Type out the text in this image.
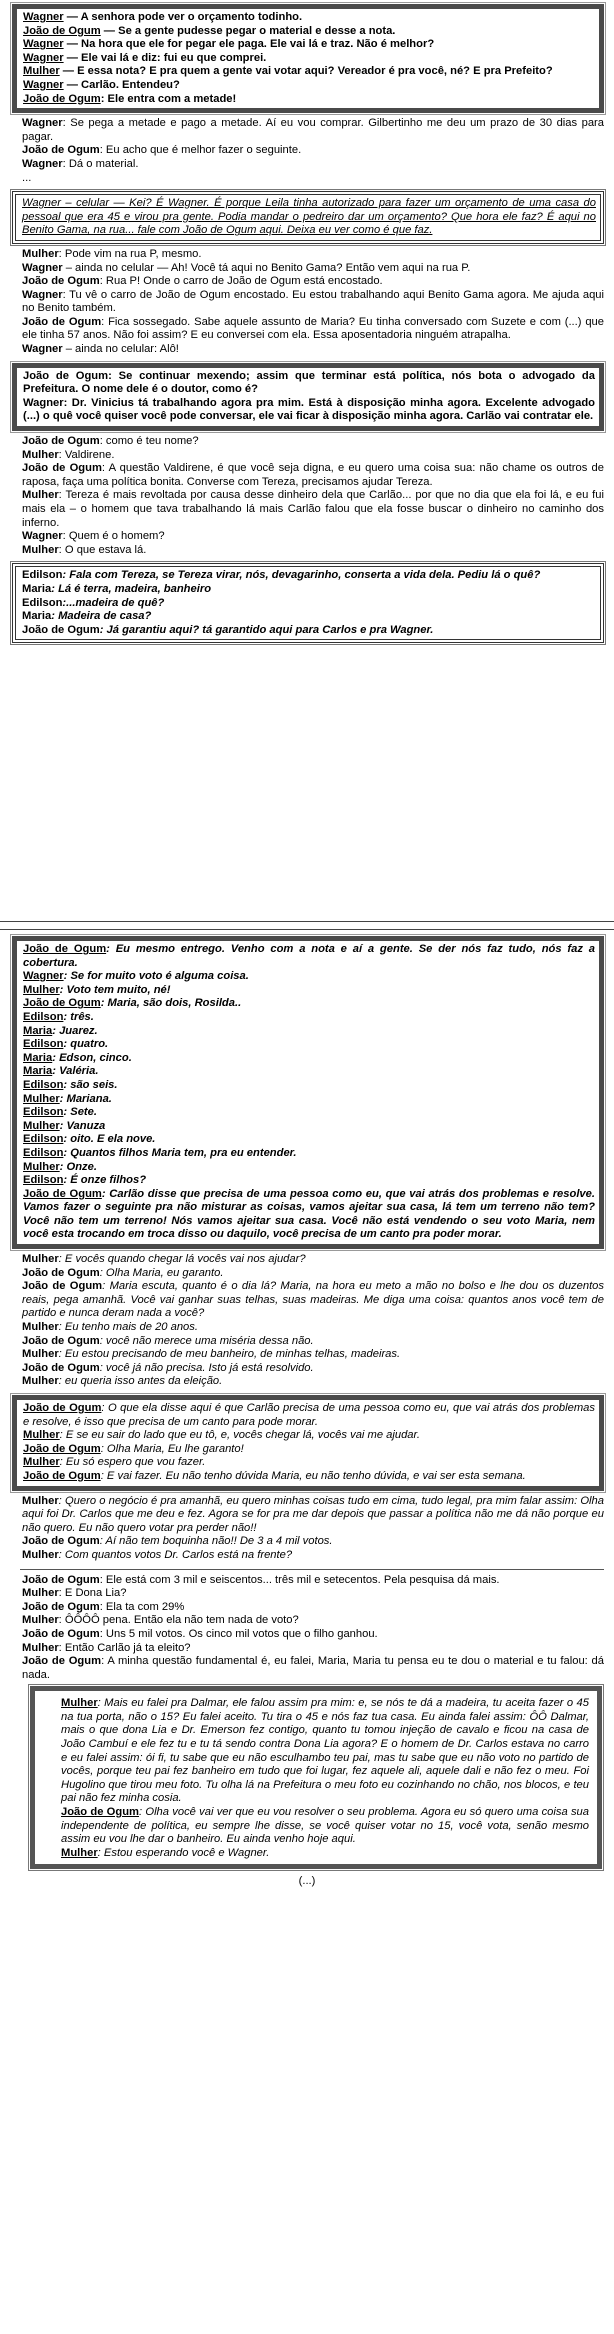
Wagner — A senhora pode ver o orçamento todinho.
João de Ogum — Se a gente pudesse pegar o material e desse a nota.
Wagner — Na hora que ele for pegar ele paga. Ele vai lá e traz. Não é melhor?
Wagner — Ele vai lá e diz: fui eu que comprei.
Mulher — E essa nota? E pra quem a gente vai votar aqui? Vereador é pra você, né? E pra Prefeito?
Wagner — Carlão. Entendeu?
João de Ogum: Ele entra com a metade!
Wagner: Se pega a metade e pago a metade. Aí eu vou comprar. Gilbertinho me deu um prazo de 30 dias para pagar.
João de Ogum: Eu acho que é melhor fazer o seguinte.
Wagner: Dá o material.
...
Wagner – celular — Kei? É Wagner. É porque Leila tinha autorizado para fazer um orçamento de uma casa do pessoal que era 45 e virou pra gente. Podia mandar o pedreiro dar um orçamento? Que hora ele faz? É aqui no Benito Gama, na rua... fale com João de Ogum aqui. Deixa eu ver como é que faz.
Mulher: Pode vim na rua P, mesmo.
Wagner – ainda no celular — Ah! Você tá aqui no Benito Gama? Então vem aqui na rua P.
João de Ogum: Rua P! Onde o carro de João de Ogum está encostado.
Wagner: Tu vê o carro de João de Ogum encostado. Eu estou trabalhando aqui Benito Gama agora. Me ajuda aqui no Benito também.
João de Ogum: Fica sossegado. Sabe aquele assunto de Maria? Eu tinha conversado com Suzete e com (...) que ele tinha 57 anos. Não foi assim? E eu conversei com ela. Essa aposentadoria ninguém atrapalha.
Wagner – ainda no celular: Alô!
João de Ogum: Se continuar mexendo; assim que terminar está política, nós bota o advogado da Prefeitura. O nome dele é o doutor, como é?
Wagner: Dr. Vinicius tá trabalhando agora pra mim. Está à disposição minha agora. Excelente advogado (...) o quê você quiser você pode conversar, ele vai ficar à disposição minha agora. Carlão vai contratar ele.
João de Ogum: como é teu nome?
Mulher: Valdirene.
João de Ogum: A questão Valdirene, é que você seja digna, e eu quero uma coisa sua: não chame os outros de raposa, faça uma política bonita. Converse com Tereza, precisamos ajudar Tereza.
Mulher: Tereza é mais revoltada por causa desse dinheiro dela que Carlão... por que no dia que ela foi lá, e eu fui mais ela – o homem que tava trabalhando lá mais Carlão falou que ela fosse buscar o dinheiro no caminho dos inferno.
Wagner: Quem é o homem?
Mulher: O que estava lá.
Edilson: Fala com Tereza, se Tereza virar, nós, devagarinho, conserta a vida dela. Pediu lá o quê?
Maria: Lá é terra, madeira, banheiro
Edilson:...madeira de quê?
Maria: Madeira de casa?
João de Ogum: Já garantiu aqui? tá garantido aqui para Carlos e pra Wagner.
João de Ogum: Eu mesmo entrego. Venho com a nota e aí a gente. Se der nós faz tudo, nós faz a cobertura.
Wagner: Se for muito voto é alguma coisa.
Mulher: Voto tem muito, né!
João de Ogum: Maria, são dois, Rosilda..
Edilson: três.
Maria: Juarez.
Edilson: quatro.
Maria: Edson, cinco.
Maria: Valéria.
Edilson: são seis.
Mulher: Mariana.
Edilson: Sete.
Mulher: Vanuza
Edilson: oito. E ela nove.
Edilson: Quantos filhos Maria tem, pra eu entender.
Mulher: Onze.
Edilson: É onze filhos?
João de Ogum: Carlão disse que precisa de uma pessoa como eu, que vai atrás dos problemas e resolve. Vamos fazer o seguinte pra não misturar as coisas, vamos ajeitar sua casa, lá tem um terreno não tem? Você não tem um terreno! Nós vamos ajeitar sua casa. Você não está vendendo o seu voto Maria, nem você esta trocando em troca disso ou daquilo, você precisa de um canto pra poder morar.
Mulher: E vocês quando chegar lá vocês vai nos ajudar?
João de Ogum: Olha Maria, eu garanto.
João de Ogum: Maria escuta, quanto é o dia lá? Maria, na hora eu meto a mão no bolso e lhe dou os duzentos reais, pega amanhã. Você vai ganhar suas telhas, suas madeiras. Me diga uma coisa: quantos anos você tem de partido e nunca deram nada a você?
Mulher: Eu tenho mais de 20 anos.
João de Ogum: você não merece uma miséria dessa não.
Mulher: Eu estou precisando de meu banheiro, de minhas telhas, madeiras.
João de Ogum: você já não precisa. Isto já está resolvido.
Mulher: eu queria isso antes da eleição.
João de Ogum: O que ela disse aqui é que Carlão precisa de uma pessoa como eu, que vai atrás dos problemas e resolve, é isso que precisa de um canto para pode morar.
Mulher: E se eu sair do lado que eu tô, e, vocês chegar lá, vocês vai me ajudar.
João de Ogum: Olha Maria, Eu lhe garanto!
Mulher: Eu só espero que vou fazer.
João de Ogum: E vai fazer. Eu não tenho dúvida Maria, eu não tenho dúvida, e vai ser esta semana.
Mulher: Quero o negócio é pra amanhã, eu quero minhas coisas tudo em cima, tudo legal, pra mim falar assim: Olha aqui foi Dr. Carlos que me deu e fez. Agora se for pra me dar depois que passar a política não me dá não porque eu não quero. Eu não quero votar pra perder não!!
João de Ogum: Aí não tem boquinha não!! De 3 a 4 mil votos.
Mulher: Com quantos votos Dr. Carlos está na frente?
João de Ogum: Ele está com 3 mil e seiscentos... três mil e setecentos. Pela pesquisa dá mais.
Mulher: E Dona Lia?
João de Ogum: Ela ta com 29%
Mulher: ÔÔÔÔ pena. Então ela não tem nada de voto?
João de Ogum: Uns 5 mil votos. Os cinco mil votos que o filho ganhou.
Mulher: Então Carlão já ta eleito?
João de Ogum: A minha questão fundamental é, eu falei, Maria, Maria tu pensa eu te dou o material e tu falou: dá nada.
Mulher: Mais eu falei pra Dalmar, ele falou assim pra mim: e, se nós te dá a madeira, tu aceita fazer o 45 na tua porta, não o 15? Eu falei aceito. Tu tira o 45 e nós faz tua casa. Eu ainda falei assim: ÔÔ Dalmar, mais o que dona Lia e Dr. Emerson fez contigo, quanto tu tomou injeção de cavalo e ficou na casa de João Cambuí e ele fez tu e tu tá sendo contra Dona Lia agora? E o homem de Dr. Carlos estava no carro e eu falei assim: ói fi, tu sabe que eu não esculhambo teu pai, mas tu sabe que eu não voto no partido de vocês, porque teu pai fez banheiro em tudo que foi lugar, fez aquele ali, aquele dali e não fez o meu. Foi Hugolino que tirou meu foto. Tu olha lá na Prefeitura o meu foto eu cozinhando no chão, nos blocos, e teu pai não fez minha cosia.
João de Ogum: Olha você vai ver que eu vou resolver o seu problema. Agora eu só quero uma coisa sua independente de política, eu sempre lhe disse, se você quiser votar no 15, você vota, senão mesmo assim eu vou lhe dar o banheiro. Eu ainda venho hoje aqui.
Mulher: Estou esperando você e Wagner.
(...)
